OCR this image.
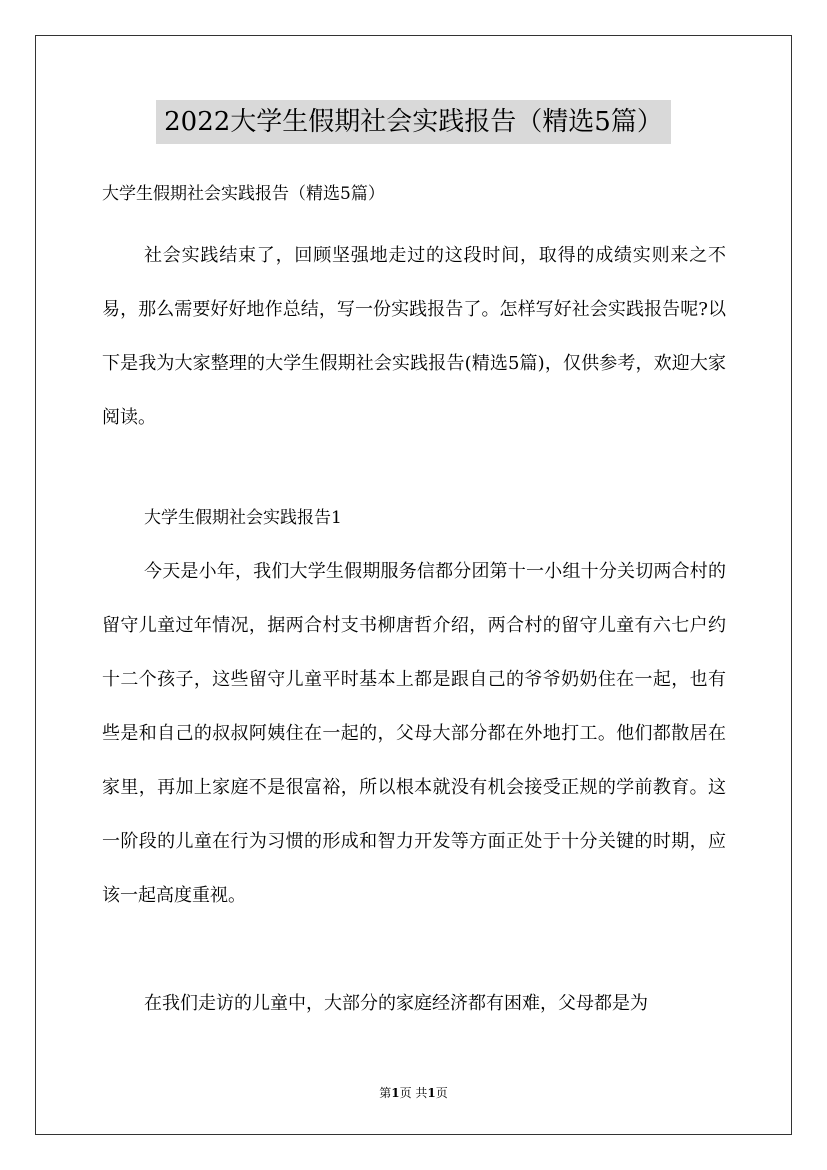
2022大学生假期社会实践报告（精选5篇）
大学生假期社会实践报告（精选5篇）

社会实践结束了，回顾坚强地走过的这段时间，取得的成绩实则来之不易，那么需要好好地作总结，写一份实践报告了。怎样写好社会实践报告呢?以下是我为大家整理的大学生假期社会实践报告(精选5篇)，仅供参考，欢迎大家阅读。

大学生假期社会实践报告1

今天是小年，我们大学生假期服务信都分团第十一小组十分关切两合村的留守儿童过年情况，据两合村支书柳唐哲介绍，两合村的留守儿童有六七户约十二个孩子，这些留守儿童平时基本上都是跟自己的爷爷奶奶住在一起，也有些是和自己的叔叔阿姨住在一起的，父母大部分都在外地打工。他们都散居在家里，再加上家庭不是很富裕，所以根本就没有机会接受正规的学前教育。这一阶段的儿童在行为习惯的形成和智力开发等方面正处于十分关键的时期，应该一起高度重视。

在我们走访的儿童中，大部分的家庭经济都有困难，父母都是为

第1页 共1页
